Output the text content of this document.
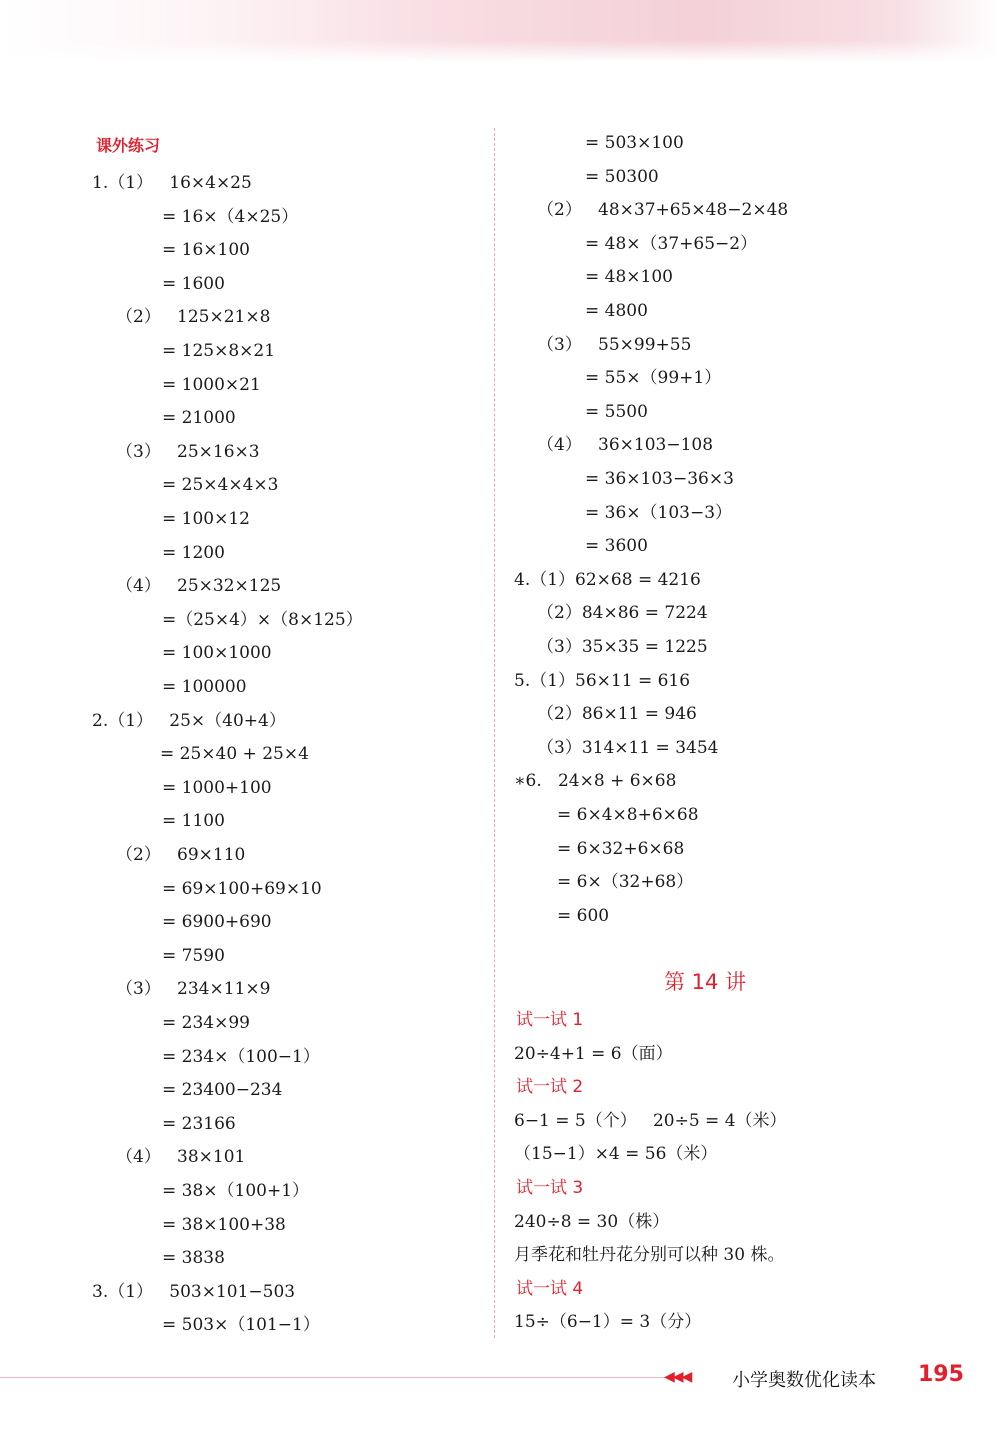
课外练习
1.（1）   16×4×25
= 16×（4×25）
= 16×100
= 1600
（2）   125×21×8
= 125×8×21
= 1000×21
= 21000
（3）   25×16×3
= 25×4×4×3
= 100×12
= 1200
（4）   25×32×125
=（25×4）×（8×125）
= 100×1000
= 100000
2.（1）   25×（40+4）
= 25×40 + 25×4
= 1000+100
= 1100
（2）   69×110
= 69×100+69×10
= 6900+690
= 7590
（3）   234×11×9
= 234×99
= 234×（100−1）
= 23400−234
= 23166
（4）   38×101
= 38×（100+1）
= 38×100+38
= 3838
3.（1）   503×101−503
= 503×（101−1）
= 503×100
= 50300
（2）   48×37+65×48−2×48
= 48×（37+65−2）
= 48×100
= 4800
（3）   55×99+55
= 55×（99+1）
= 5500
（4）   36×103−108
= 36×103−36×3
= 36×（103−3）
= 3600
4.（1）62×68 = 4216
（2）84×86 = 7224
（3）35×35 = 1225
5.（1）56×11 = 616
（2）86×11 = 946
（3）314×11 = 3454
∗6.   24×8 + 6×68
= 6×4×8+6×68
= 6×32+6×68
= 6×（32+68）
= 600
第 14 讲
试一试 1
20÷4+1 = 6（面）
试一试 2
6−1 = 5（个）   20÷5 = 4（米）
（15−1）×4 = 56（米）
试一试 3
240÷8 = 30（株）
月季花和牡丹花分别可以种 30 株。
试一试 4
15÷（6−1）= 3（分）
◀◀◀ 小学奥数优化读本 195
